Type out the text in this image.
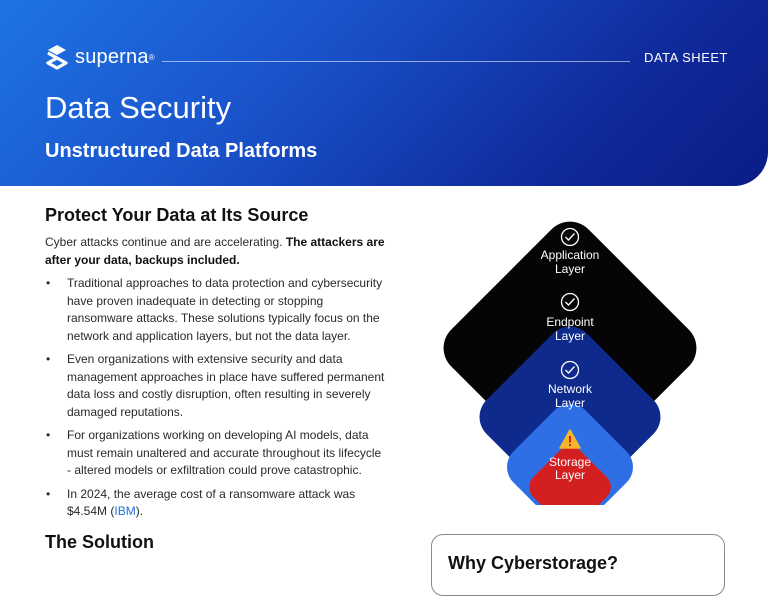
superna ®	DATA SHEET
Data Security
Unstructured Data Platforms
Protect Your Data at Its Source

Cyber attacks continue and are accelerating. The attackers are after your data, backups included.

• Traditional approaches to data protection and cybersecurity have proven inadequate in detecting or stopping ransomware attacks. These solutions typically focus on the network and application layers, but not the data layer.
• Even organizations with extensive security and data management approaches in place have suffered permanent data loss and costly disruption, often resulting in severely damaged reputations.
• For organizations working on developing AI models, data must remain unaltered and accurate throughout its lifecycle - altered models or exfiltration could prove catastrophic.
• In 2024, the average cost of a ransomware attack was $4.54M (IBM).
The Solution
Application
Layer
Endpoint
Layer
Network
Layer
Storage
Layer
Why Cyberstorage?
